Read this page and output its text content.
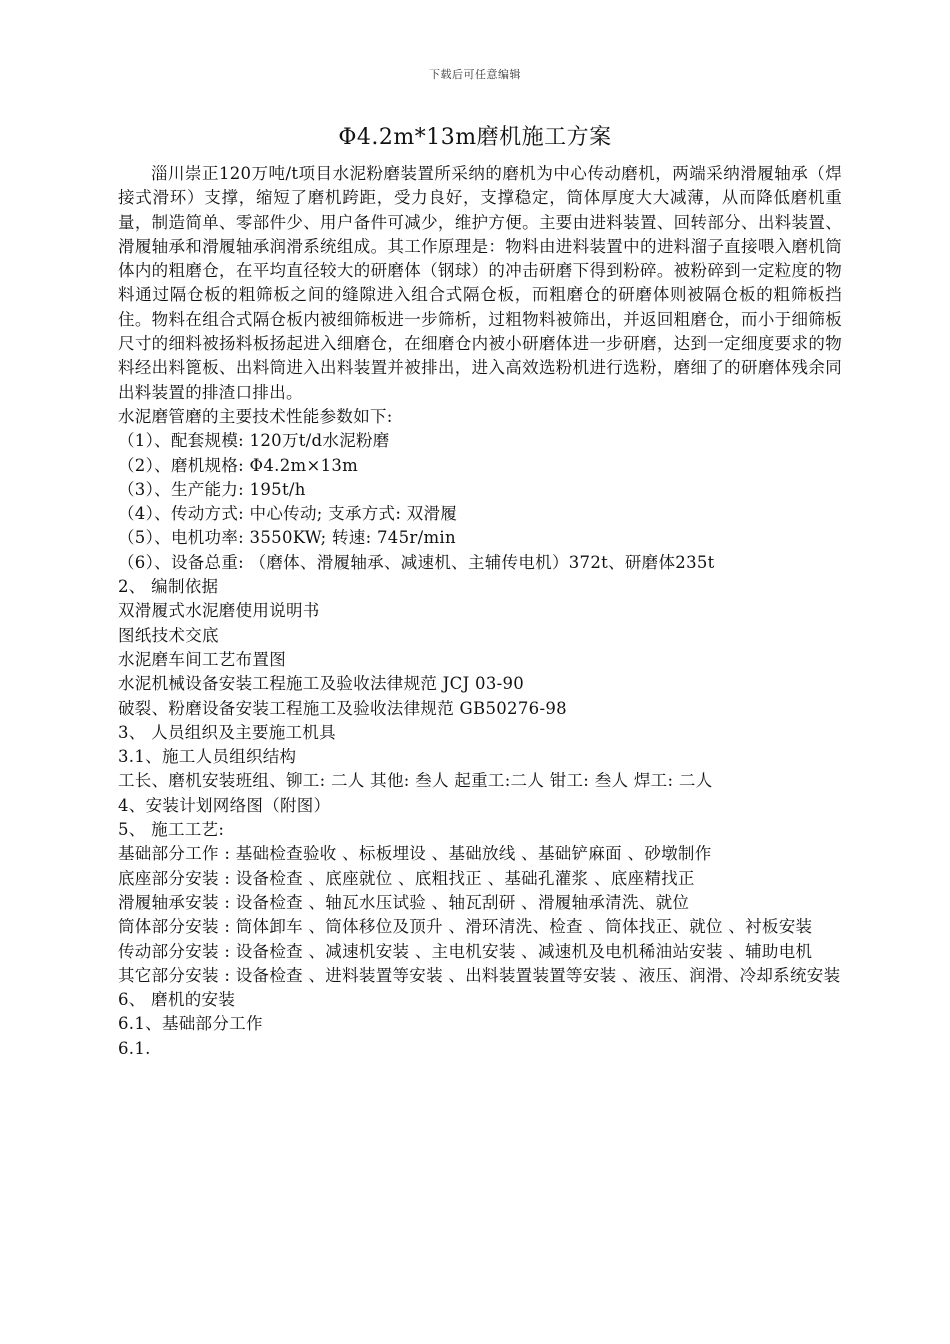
下载后可任意编辑
Φ4.2m*13m磨机施工方案

淄川崇正120万吨/t项目水泥粉磨装置所采纳的磨机为中心传动磨机，两端采纳滑履轴承（焊接式滑环）支撑，缩短了磨机跨距，受力良好，支撑稳定，筒体厚度大大减薄，从而降低磨机重量，制造简单、零部件少、用户备件可减少，维护方便。主要由进料装置、回转部分、出料装置、滑履轴承和滑履轴承润滑系统组成。其工作原理是：物料由进料装置中的进料溜子直接喂入磨机筒体内的粗磨仓，在平均直径较大的研磨体（钢球）的冲击研磨下得到粉碎。被粉碎到一定粒度的物料通过隔仓板的粗筛板之间的缝隙进入组合式隔仓板，而粗磨仓的研磨体则被隔仓板的粗筛板挡住。物料在组合式隔仓板内被细筛板进一步筛析，过粗物料被筛出，并返回粗磨仓，而小于细筛板尺寸的细料被扬料板扬起进入细磨仓，在细磨仓内被小研磨体进一步研磨，达到一定细度要求的物料经出料篦板、出料筒进入出料装置并被排出，进入高效选粉机进行选粉，磨细了的研磨体残余同出料装置的排渣口排出。

水泥磨管磨的主要技术性能参数如下:

（1）、配套规模: 120万t/d水泥粉磨

（2）、磨机规格: Φ4.2m×13m

（3）、生产能力: 195t/h

（4）、传动方式: 中心传动; 支承方式: 双滑履

（5）、电机功率: 3550KW; 转速: 745r/min

（6）、设备总重: （磨体、滑履轴承、减速机、主辅传电机）372t、研磨体235t

2、 编制依据

双滑履式水泥磨使用说明书

图纸技术交底

水泥磨车间工艺布置图

水泥机械设备安装工程施工及验收法律规范 JCJ 03-90

破裂、粉磨设备安装工程施工及验收法律规范 GB50276-98

3、 人员组织及主要施工机具

3.1、施工人员组织结构

工长、磨机安装班组、铆工: 二人 其他: 叁人 起重工:二人 钳工: 叁人 焊工: 二人

4、安装计划网络图（附图）

5、 施工工艺:

基础部分工作 : 基础检查验收 、标板埋设 、基础放线 、基础铲麻面 、砂墩制作

底座部分安装 : 设备检查 、底座就位 、底粗找正 、基础孔灌浆 、底座精找正

滑履轴承安装 : 设备检查 、轴瓦水压试验 、轴瓦刮研 、滑履轴承清洗、就位

筒体部分安装 : 筒体卸车 、筒体移位及顶升 、滑环清洗、检查 、筒体找正、就位 、衬板安装

传动部分安装 : 设备检查 、减速机安装 、主电机安装 、减速机及电机稀油站安装 、辅助电机

其它部分安装 : 设备检查 、进料装置等安装 、出料装置装置等安装 、液压、润滑、冷却系统安装

6、 磨机的安装

6.1、基础部分工作

6.1.
